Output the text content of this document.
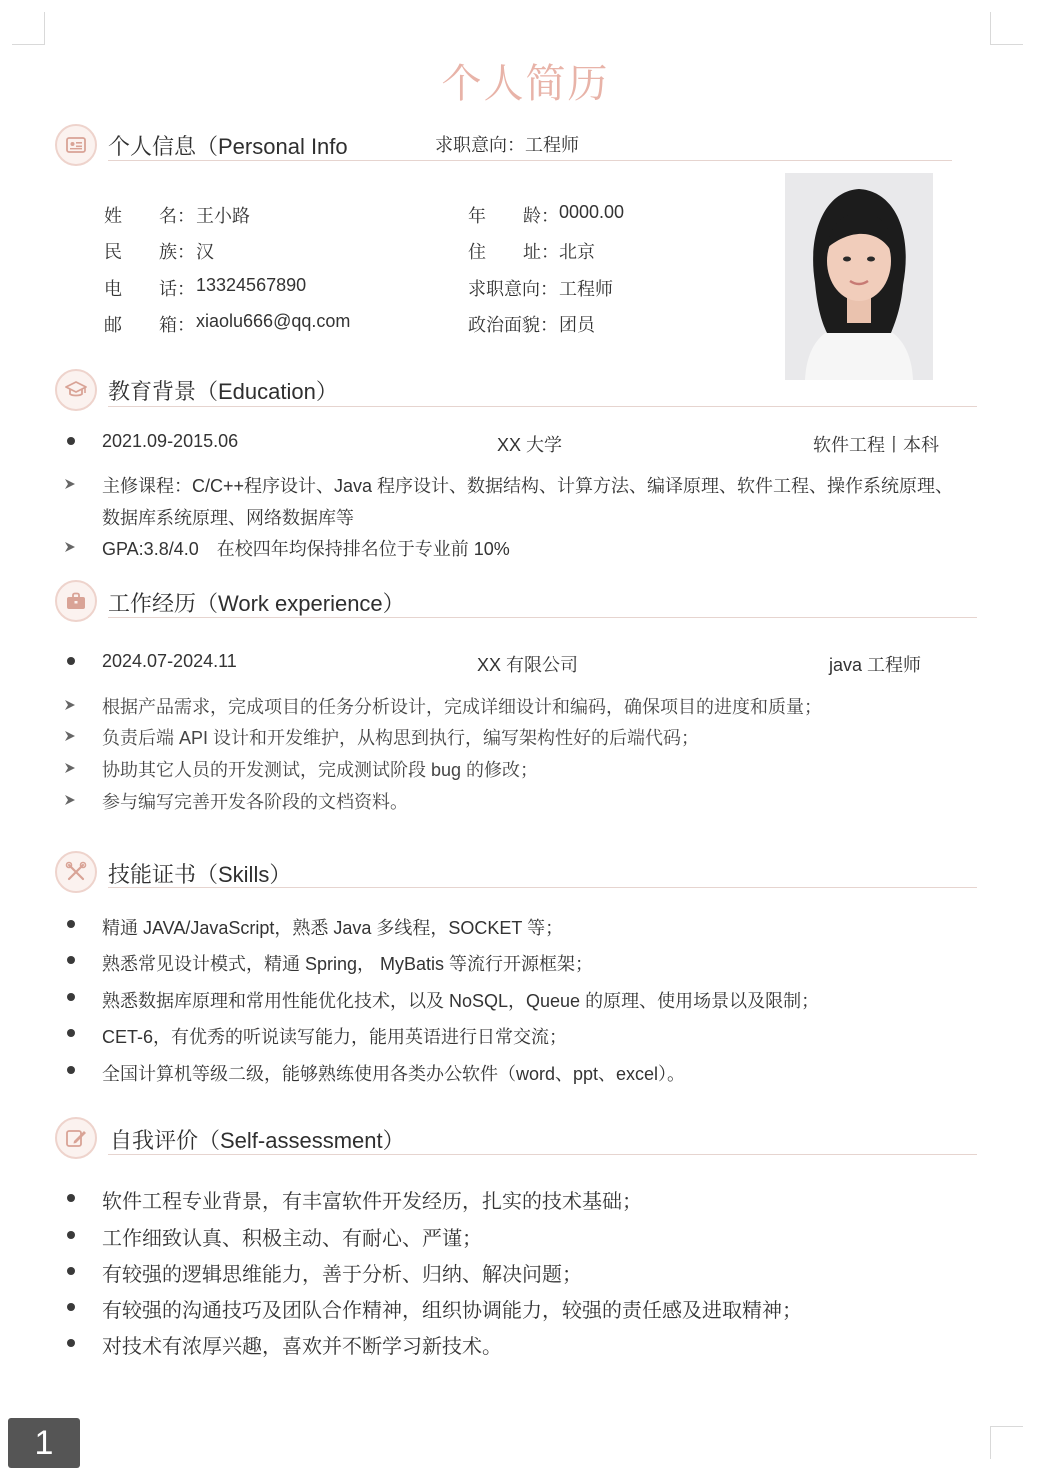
个人简历
个人信息（Personal Info	求职意向：工程师
姓 名： 王小路	年 龄： 0000.00
民 族： 汉	住 址： 北京
电 话： 13324567890	求职意向： 工程师
邮 箱： xiaolu666@qq.com	政治面貌： 团员
教育背景（Education）
2021.09-2015.06	XX 大学	软件工程丨本科
主修课程：C/C++程序设计、Java 程序设计、数据结构、计算方法、编译原理、软件工程、操作系统原理、
数据库系统原理、网络数据库等
GPA:3.8/4.0　在校四年均保持排名位于专业前 10%
工作经历（Work experience）
2024.07-2024.11	XX 有限公司	java 工程师
根据产品需求，完成项目的任务分析设计，完成详细设计和编码，确保项目的进度和质量；
负责后端 API 设计和开发维护，从构思到执行，编写架构性好的后端代码；
协助其它人员的开发测试，完成测试阶段 bug 的修改；
参与编写完善开发各阶段的文档资料。
技能证书（Skills）
精通 JAVA/JavaScript，熟悉 Java 多线程，SOCKET 等；
熟悉常见设计模式，精通 Spring， MyBatis 等流行开源框架；
熟悉数据库原理和常用性能优化技术，以及 NoSQL，Queue 的原理、使用场景以及限制；
CET-6，有优秀的听说读写能力，能用英语进行日常交流；
全国计算机等级二级，能够熟练使用各类办公软件（word、ppt、excel）。
自我评价（Self-assessment）
软件工程专业背景，有丰富软件开发经历，扎实的技术基础；
工作细致认真、积极主动、有耐心、严谨；
有较强的逻辑思维能力，善于分析、归纳、解决问题；
有较强的沟通技巧及团队合作精神，组织协调能力，较强的责任感及进取精神；
对技术有浓厚兴趣，喜欢并不断学习新技术。
1
